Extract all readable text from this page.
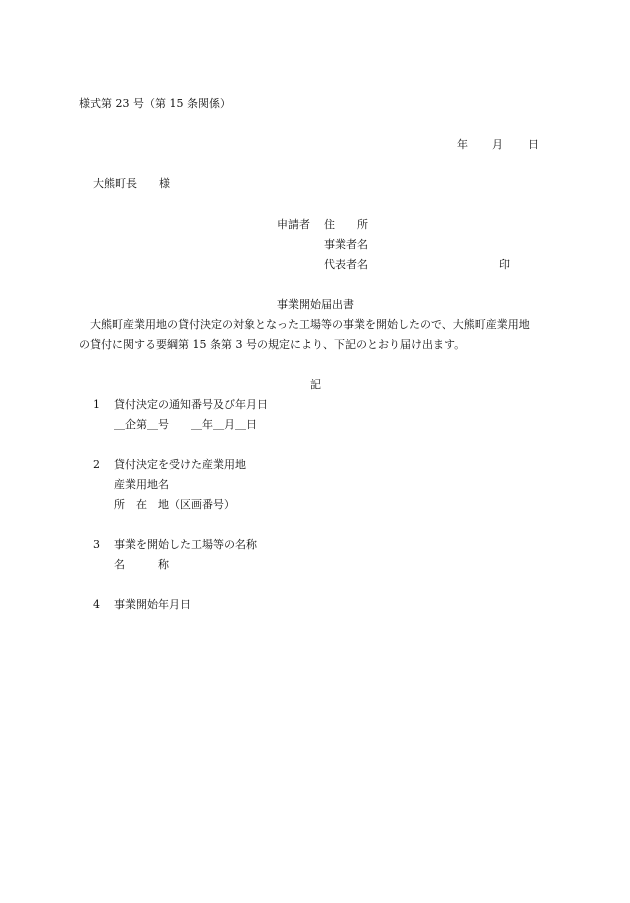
様式第 23 号（第 15 条関係）
年 月 日
大熊町長　　様
申請者 住　　所
事業者名
代表者名	印
事業開始届出書
　大熊町産業用地の貸付決定の対象となった工場等の事業を開始したので、大熊町産業用地
の貸付に関する要綱第 15 条第 3 号の規定により、下記のとおり届け出ます。
記
1 貸付決定の通知番号及び年月日
＿企第＿号　　＿年＿月＿日
2 貸付決定を受けた産業用地
産業用地名
所　在　地（区画番号）
3 事業を開始した工場等の名称
名　　　称
4 事業開始年月日
